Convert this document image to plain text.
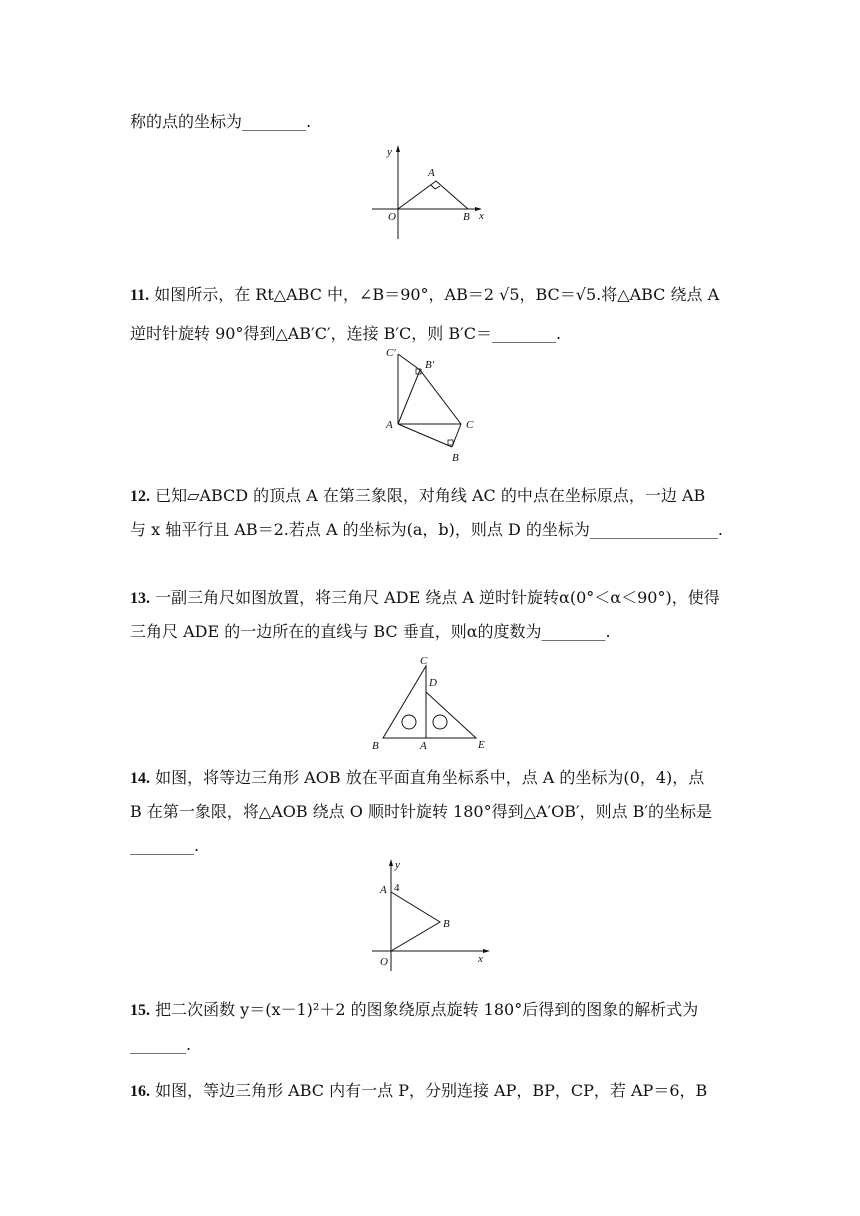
称的点的坐标为________.
y
x
A
O	B
11. 如图所示，在 Rt△ABC 中，∠B＝90°，AB＝2 √5，BC＝√5.将△ABC 绕点 A
逆时针旋转 90°得到△AB′C′，连接 B′C，则 B′C＝________.
C′
B′
A	C
B
12. 已知▱ABCD 的顶点 A 在第三象限，对角线 AC 的中点在坐标原点，一边 AB
与 x 轴平行且 AB＝2.若点 A 的坐标为(a，b)，则点 D 的坐标为________________.
13. 一副三角尺如图放置，将三角尺 ADE 绕点 A 逆时针旋转α(0°＜α＜90°)，使得
三角尺 ADE 的一边所在的直线与 BC 垂直，则α的度数为________.
C
D
B	A	E
14. 如图，将等边三角形 AOB 放在平面直角坐标系中，点 A 的坐标为(0，4)，点
B 在第一象限，将△AOB 绕点 O 顺时针旋转 180°得到△A′OB′，则点 B′的坐标是
________.
y
A 4
B
O	x
15. 把二次函数 y＝(x－1)²＋2 的图象绕原点旋转 180°后得到的图象的解析式为
_______.
16. 如图，等边三角形 ABC 内有一点 P，分别连接 AP，BP，CP，若 AP＝6，B
